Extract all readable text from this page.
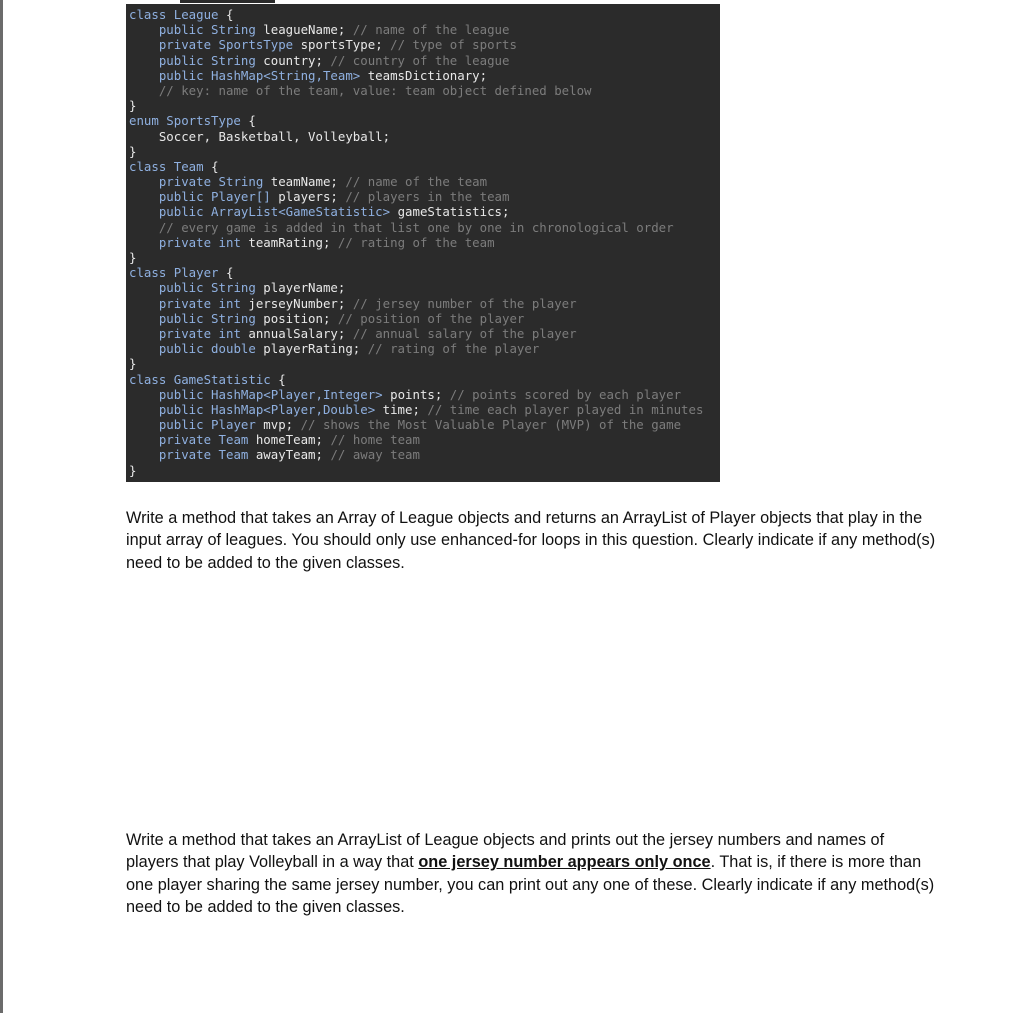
class League {
public String leagueName; // name of the league
private SportsType sportsType; // type of sports
public String country; // country of the league
public HashMap<String,Team> teamsDictionary;
// key: name of the team, value: team object defined below
}
enum SportsType {
Soccer, Basketball, Volleyball;
}
class Team {
private String teamName; // name of the team
public Player[] players; // players in the team
public ArrayList<GameStatistic> gameStatistics;
// every game is added in that list one by one in chronological order
private int teamRating; // rating of the team
}
class Player {
public String playerName;
private int jerseyNumber; // jersey number of the player
public String position; // position of the player
private int annualSalary; // annual salary of the player
public double playerRating; // rating of the player
}
class GameStatistic {
public HashMap<Player,Integer> points; // points scored by each player
public HashMap<Player,Double> time; // time each player played in minutes
public Player mvp; // shows the Most Valuable Player (MVP) of the game
private Team homeTeam; // home team
private Team awayTeam; // away team
}
Write a method that takes an Array of League objects and returns an ArrayList of Player objects that play in the input array of leagues. You should only use enhanced-for loops in this question. Clearly indicate if any method(s) need to be added to the given classes.
Write a method that takes an ArrayList of League objects and prints out the jersey numbers and names of players that play Volleyball in a way that one jersey number appears only once. That is, if there is more than one player sharing the same jersey number, you can print out any one of these. Clearly indicate if any method(s) need to be added to the given classes.
